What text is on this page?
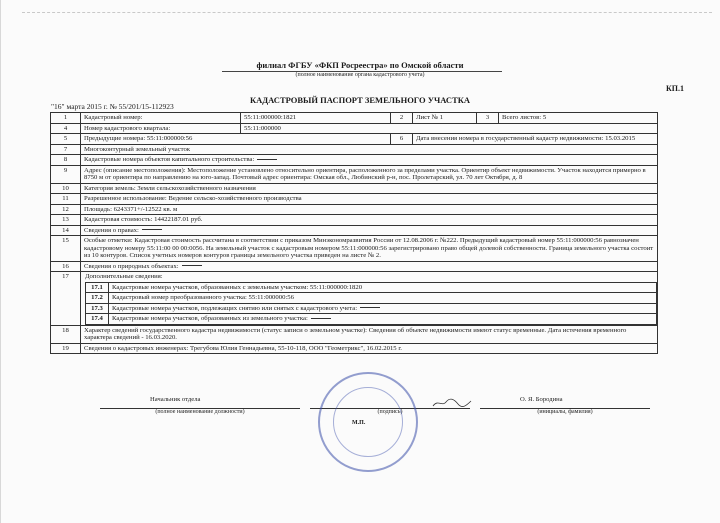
филиал ФГБУ «ФКП Росреестра» по Омской области
(полное наименование органа кадастрового учета)
КП.1
КАДАСТРОВЫЙ ПАСПОРТ ЗЕМЕЛЬНОГО УЧАСТКА
"16" марта 2015 г. № 55/201/15-112923
1	Кадастровый номер:	55:11:000000:1821	2	Лист № 1	3	Всего листов: 5
4	Номер кадастрового квартала:	55:11:000000
5	Предыдущие номера: 55:11:000000:56	6	Дата внесения номера в государственный кадастр недвижимости: 15.03.2015
7	Многоконтурный земельный участок
8	Кадастровые номера объектов капитального строительства:
9	Адрес (описание местоположения): Местоположение установлено относительно ориентира, расположенного за пределами участка. Ориентир объект недвижимости. Участок находится примерно в 8750 м от ориентира по направлению на юго-запад. Почтовый адрес ориентира: Омская обл., Любинский р-н, пос. Пролетарский, ул. 70 лет Октября, д. 8
10	Категория земель: Земли сельскохозяйственного назначения
11	Разрешенное использование: Ведение сельско-хозяйственного производства
12	Площадь: 6243371+/-12522 кв. м
13	Кадастровая стоимость: 14422187.01 руб.
14	Сведения о правах:
15	Особые отметки: Кадастровая стоимость рассчитана в соответствии с приказом Минэкономразвития России от 12.08.2006 г. №222. Предыдущий кадастровый номер 55:11:000000:56 равнозначен кадастровому номеру 55:11:00 00 00:0056. На земельный участок с кадастровым номером 55:11:000000:56 зарегистрировано право общей долевой собственности. Граница земельного участка состоит из 10 контуров. Список учетных номеров контуров границы земельного участка приведен на листе № 2.
16	Сведения о природных объектах:
17	Дополнительные сведения:
17.1	Кадастровые номера участков, образованных с земельным участком: 55:11:000000:1820
17.2	Кадастровый номер преобразованного участка: 55:11:000000:56
17.3	Кадастровые номера участков, подлежащих снятию или снятых с кадастрового учета:
17.4	Кадастровые номера участков, образованных из земельного участка:

18	Характер сведений государственного кадастра недвижимости (статус записи о земельном участке): Сведения об объекте недвижимости имеют статус временные. Дата истечения временного характера сведений - 16.03.2020.
19	Сведения о кадастровых инженерах: Трегубова Юлия Геннадьевна, 55-10-118, ООО "Геометрикс", 16.02.2015 г.
Начальник отдела
(полное наименование должности)	(подпись)
О. Я. Бородина
(инициалы, фамилия)
М.П.
